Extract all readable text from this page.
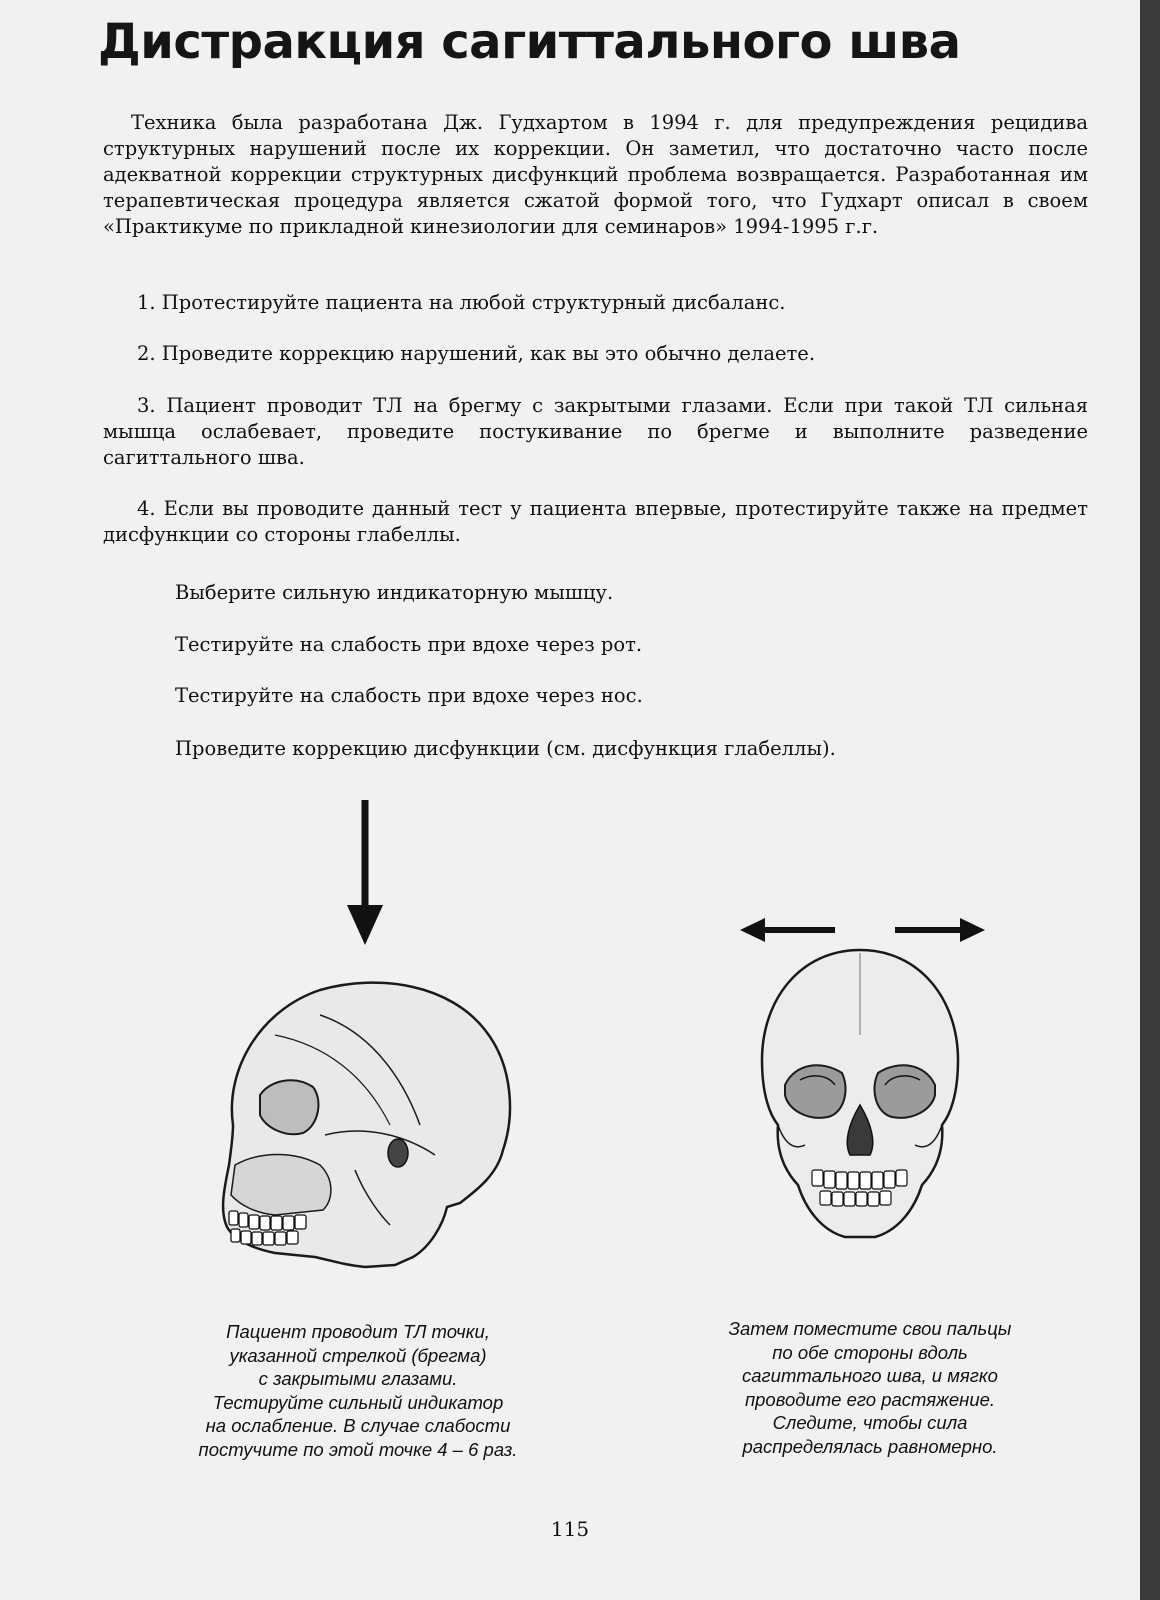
Дистракция сагиттального шва

Техника была разработана Дж. Гудхартом в 1994 г. для предупреждения рецидива структурных нарушений после их коррекции. Он заметил, что достаточно часто после адекватной коррекции структурных дисфункций проблема возвращается. Разработанная им терапевтическая процедура является сжатой формой того, что Гудхарт описал в своем «Практикуме по прикладной кинезиологии для семинаров» 1994-1995 г.г.

1. Протестируйте пациента на любой структурный дисбаланс.

2. Проведите коррекцию нарушений, как вы это обычно делаете.

3. Пациент проводит ТЛ на брегму с закрытыми глазами. Если при такой ТЛ сильная мышца ослабевает, проведите постукивание по брегме и выполните разведение сагиттального шва.

4. Если вы проводите данный тест у пациента впервые, протестируйте также на предмет дисфункции со стороны глабеллы.

Выберите сильную индикаторную мышцу.

Тестируйте на слабость при вдохе через рот.

Тестируйте на слабость при вдохе через нос.

Проведите коррекцию дисфункции (см. дисфункция глабеллы).

Пациент проводит ТЛ точки,
указанной стрелкой (брегма)
с закрытыми глазами.
Тестируйте сильный индикатор
на ослабление. В случае слабости
постучите по этой точке 4 – 6 раз.
Затем поместите свои пальцы
по обе стороны вдоль
сагиттального шва, и мягко
проводите его растяжение.
Следите, чтобы сила
распределялась равномерно.
115
